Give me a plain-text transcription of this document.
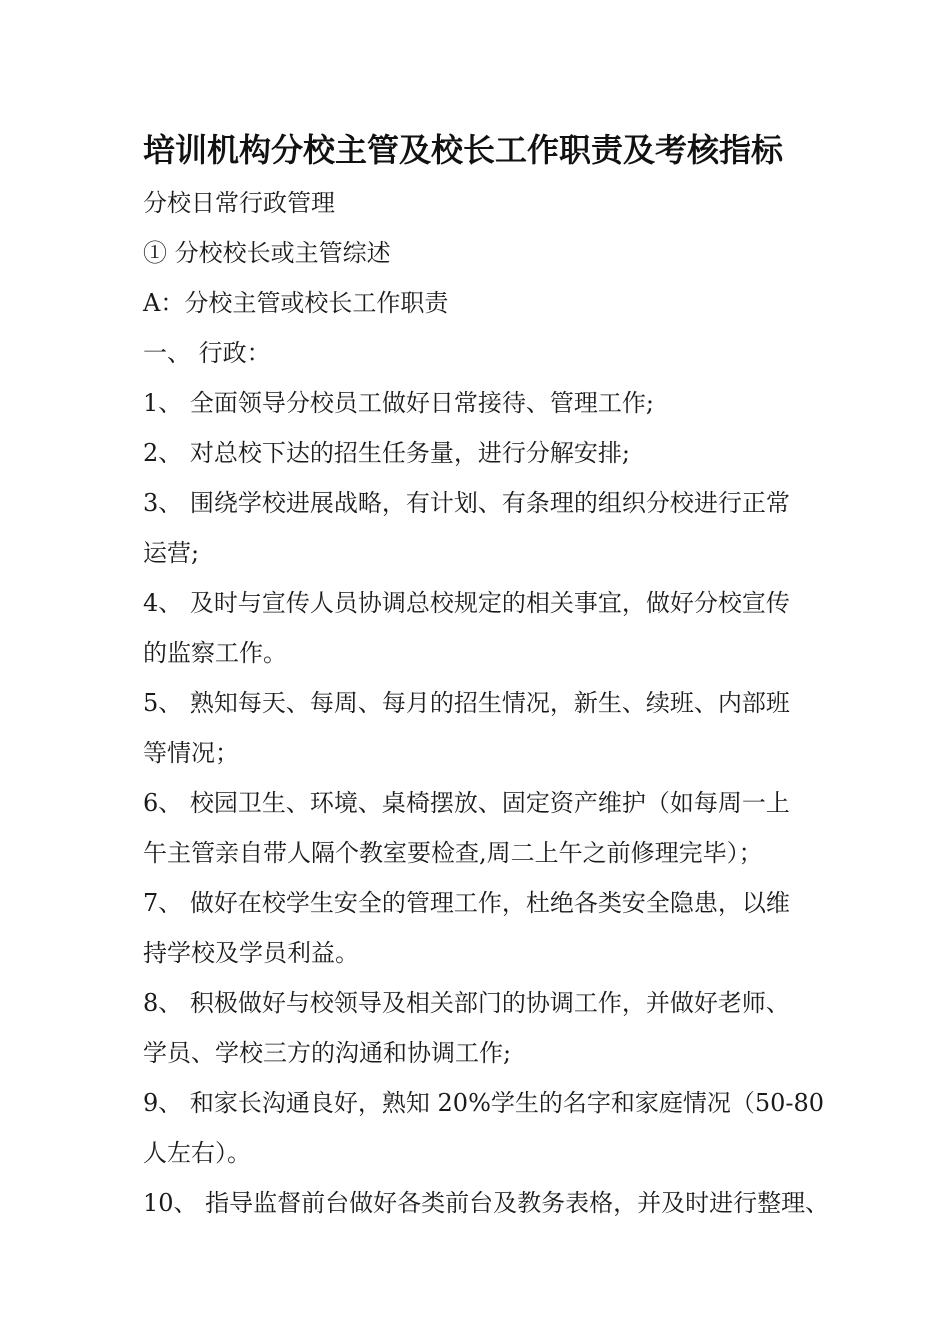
培训机构分校主管及校长工作职责及考核指标

分校日常行政管理

① 分校校长或主管综述

A：分校主管或校长工作职责

一、 行政：

1、 全面领导分校员工做好日常接待、管理工作;

2、 对总校下达的招生任务量，进行分解安排;

3、 围绕学校进展战略，有计划、有条理的组织分校进行正常

运营;

4、 及时与宣传人员协调总校规定的相关事宜，做好分校宣传

的监察工作。

5、 熟知每天、每周、每月的招生情况，新生、续班、内部班

等情况；

6、 校园卫生、环境、桌椅摆放、固定资产维护（如每周一上

午主管亲自带人隔个教室要检查,周二上午之前修理完毕）；

7、 做好在校学生安全的管理工作，杜绝各类安全隐患，以维

持学校及学员利益。

8、 积极做好与校领导及相关部门的协调工作，并做好老师、

学员、学校三方的沟通和协调工作;

9、 和家长沟通良好，熟知 20%学生的名字和家庭情况（50-80

人左右）。

10、 指导监督前台做好各类前台及教务表格，并及时进行整理、
